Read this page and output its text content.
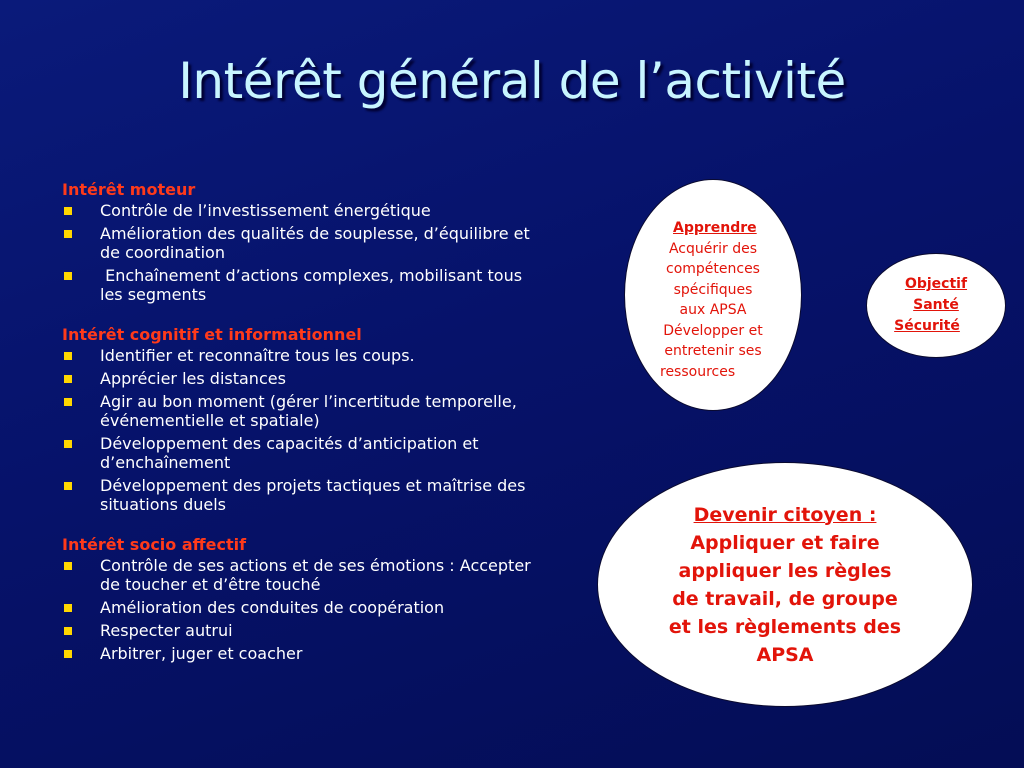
Intérêt général de l’activité
Intérêt moteur
Contrôle de l’investissement énergétique
Amélioration des qualités de souplesse, d’équilibre et de coordination
Enchaînement d’actions complexes, mobilisant tous les segments
Intérêt cognitif et informationnel
Identifier et reconnaître tous les coups.
Apprécier les distances
Agir au bon moment (gérer l’incertitude temporelle, événementielle et spatiale)
Développement des capacités d’anticipation et d’enchaînement
Développement des projets tactiques et maîtrise des situations duels
Intérêt socio affectif
Contrôle de ses actions et de ses émotions : Accepter de toucher et d’être touché
Amélioration des conduites de coopération
Respecter autrui
Arbitrer, juger et coacher
Apprendre
Acquérir des
compétences
spécifiques
aux APSA
Développer et
entretenir ses
ressources
Objectif
Santé
Sécurité
Devenir citoyen :
Appliquer et faire
appliquer les règles
de travail, de groupe
et les règlements des
APSA
